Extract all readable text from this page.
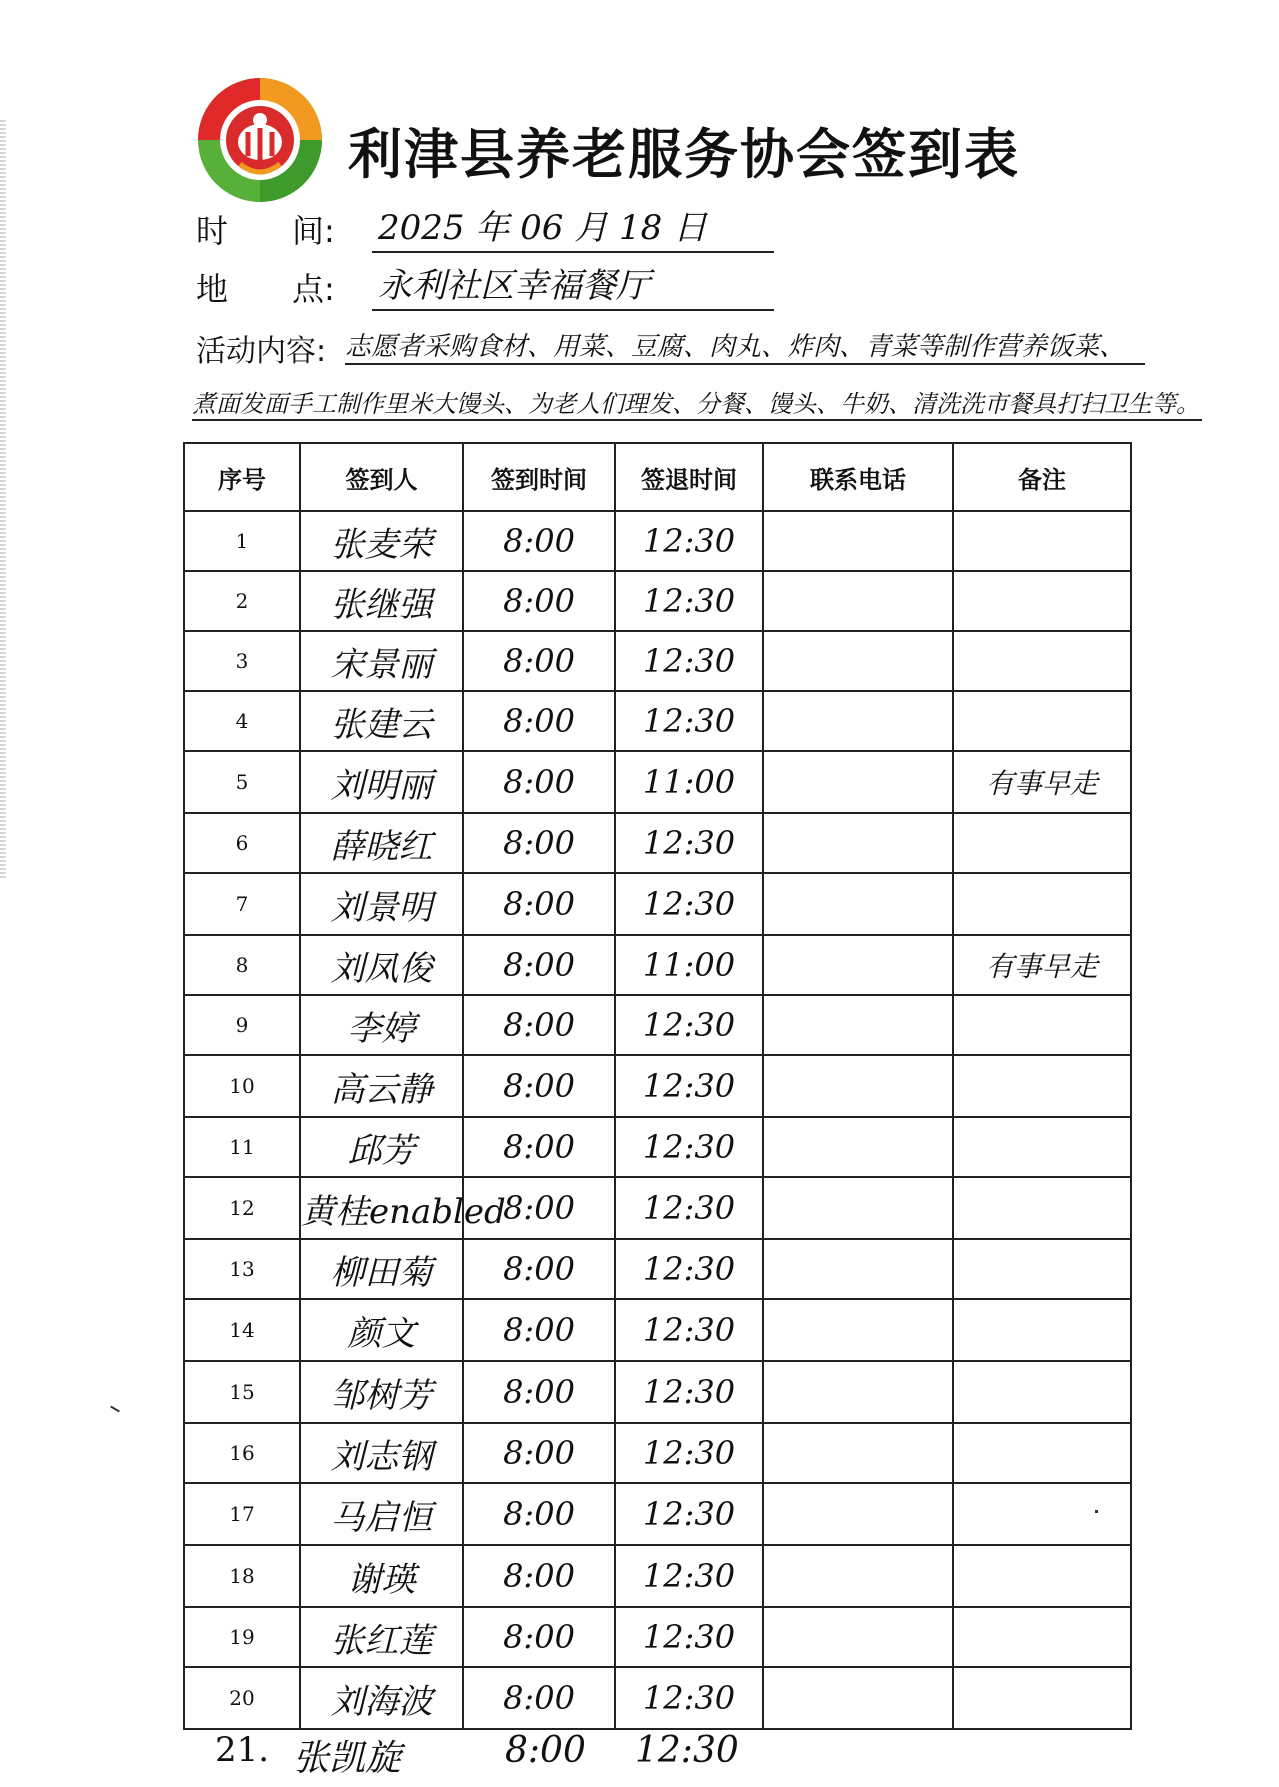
利津县养老服务协会签到表
时　　间: 2025 年 06 月 18 日
地　　点: 永利社区幸福餐厅
活动内容: 志愿者采购食材、用菜、豆腐、肉丸、炸肉、青菜等制作营养饭菜、
煮面发面手工制作里米大馒头、为老人们理发、分餐、馒头、牛奶、清洗洗市餐具打扫卫生等。
序号	签到人	签到时间	签退时间	联系电话	备注
1	张麦荣	8:00	12:30		
2	张继强	8:00	12:30		
3	宋景丽	8:00	12:30		
4	张建云	8:00	12:30		
5	刘明丽	8:00	11:00		有事早走
6	薛晓红	8:00	12:30		
7	刘景明	8:00	12:30		
8	刘凤俊	8:00	11:00		有事早走
9	李婷	8:00	12:30		
10	高云静	8:00	12:30		
11	邱芳	8:00	12:30		
12	黄桂enabled	8:00	12:30		
13	柳田菊	8:00	12:30		
14	颜文	8:00	12:30		
15	邹树芳	8:00	12:30		
16	刘志钢	8:00	12:30		
17	马启恒	8:00	12:30		
18	谢瑛	8:00	12:30		
19	张红莲	8:00	12:30		
20	刘海波	8:00	12:30		
21. 张凯旋	8:00 12:30
